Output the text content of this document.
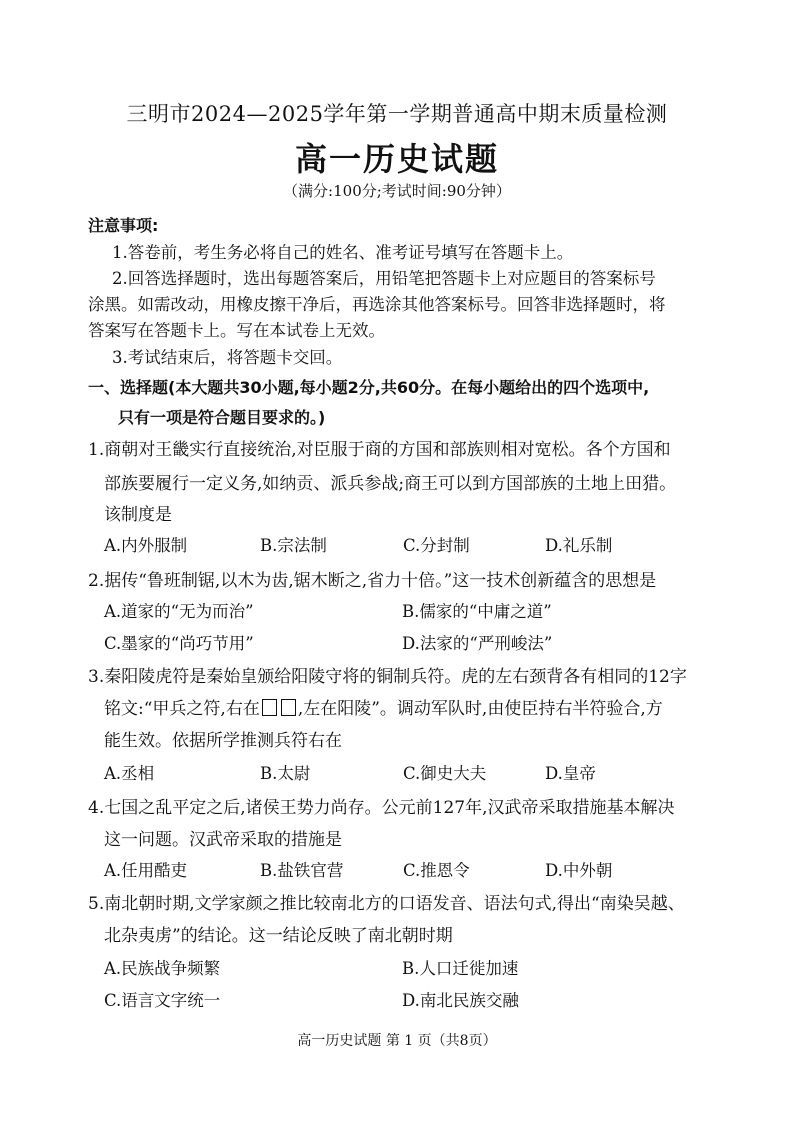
三明市2024—2025学年第一学期普通高中期末质量检测
高一历史试题
（满分:100分;考试时间:90分钟）
注意事项:
1.答卷前，考生务必将自己的姓名、准考证号填写在答题卡上。
2.回答选择题时，选出每题答案后，用铅笔把答题卡上对应题目的答案标号
涂黑。如需改动，用橡皮擦干净后，再选涂其他答案标号。回答非选择题时，将
答案写在答题卡上。写在本试卷上无效。
3.考试结束后，将答题卡交回。
一、选择题(本大题共30小题,每小题2分,共60分。在每小题给出的四个选项中,
只有一项是符合题目要求的。)
1.商朝对王畿实行直接统治,对臣服于商的方国和部族则相对宽松。各个方国和
部族要履行一定义务,如纳贡、派兵参战;商王可以到方国部族的土地上田猎。
该制度是
A.内外服制	B.宗法制	C.分封制	D.礼乐制
2.据传“鲁班制锯,以木为齿,锯木断之,省力十倍。”这一技术创新蕴含的思想是
A.道家的“无为而治”	B.儒家的“中庸之道”
C.墨家的“尚巧节用”	D.法家的“严刑峻法”
3.秦阳陵虎符是秦始皇颁给阳陵守将的铜制兵符。虎的左右颈背各有相同的12字
铭文:“甲兵之符,右在 ,左在阳陵”。调动军队时,由使臣持右半符验合,方
能生效。依据所学推测兵符右在
A.丞相	B.太尉	C.御史大夫	D.皇帝
4.七国之乱平定之后,诸侯王势力尚存。公元前127年,汉武帝采取措施基本解决
这一问题。汉武帝采取的措施是
A.任用酷吏	B.盐铁官营	C.推恩令	D.中外朝
5.南北朝时期,文学家颜之推比较南北方的口语发音、语法句式,得出“南染吴越、
北杂夷虏”的结论。这一结论反映了南北朝时期
A.民族战争频繁	B.人口迁徙加速
C.语言文字统一	D.南北民族交融
高一历史试题 第 1 页（共8页）
